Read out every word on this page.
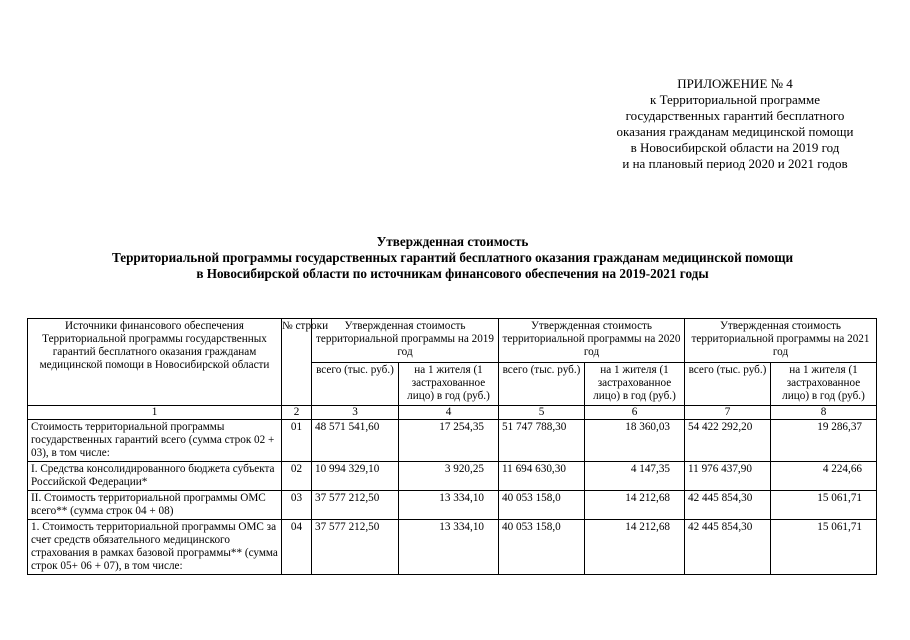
ПРИЛОЖЕНИЕ № 4
к Территориальной программе
государственных гарантий бесплатного
оказания гражданам медицинской помощи
в Новосибирской области на 2019 год
и на плановый период 2020 и 2021 годов
Утвержденная стоимость
Территориальной программы государственных гарантий бесплатного оказания гражданам медицинской помощи
в Новосибирской области по источникам финансового обеспечения на 2019-2021 годы
Источники финансового обеспечения Территориальной программы государственных гарантий бесплатного оказания гражданам медицинской помощи в Новосибирской области	№ строки	Утвержденная стоимость территориальной программы на 2019 год		Утвержденная стоимость территориальной программы на 2020 год		Утвержденная стоимость территориальной программы на 2021 год	
		всего (тыс. руб.)	на 1 жителя (1 застрахованное лицо) в год (руб.)	всего (тыс. руб.)	на 1 жителя (1 застрахованное лицо) в год (руб.)	всего (тыс. руб.)	на 1 жителя (1 застрахованное лицо) в год (руб.)
1	2	3	4	5	6	7	8
Стоимость территориальной программы государственных гарантий всего (сумма строк 02 + 03), в том числе:	01	48 571 541,60	17 254,35	51 747 788,30	18 360,03	54 422 292,20	19 286,37
I. Средства консолидированного бюджета субъекта Российской Федерации*	02	10 994 329,10	3 920,25	11 694 630,30	4 147,35	11 976 437,90	4 224,66
II. Стоимость территориальной программы ОМС всего** (сумма строк 04 + 08)	03	37 577 212,50	13 334,10	40 053 158,0	14 212,68	42 445 854,30	15 061,71
1. Стоимость территориальной программы ОМС за счет средств обязательного медицинского страхования в рамках базовой программы** (сумма строк 05+ 06 + 07), в том числе:	04	37 577 212,50	13 334,10	40 053 158,0	14 212,68	42 445 854,30	15 061,71
